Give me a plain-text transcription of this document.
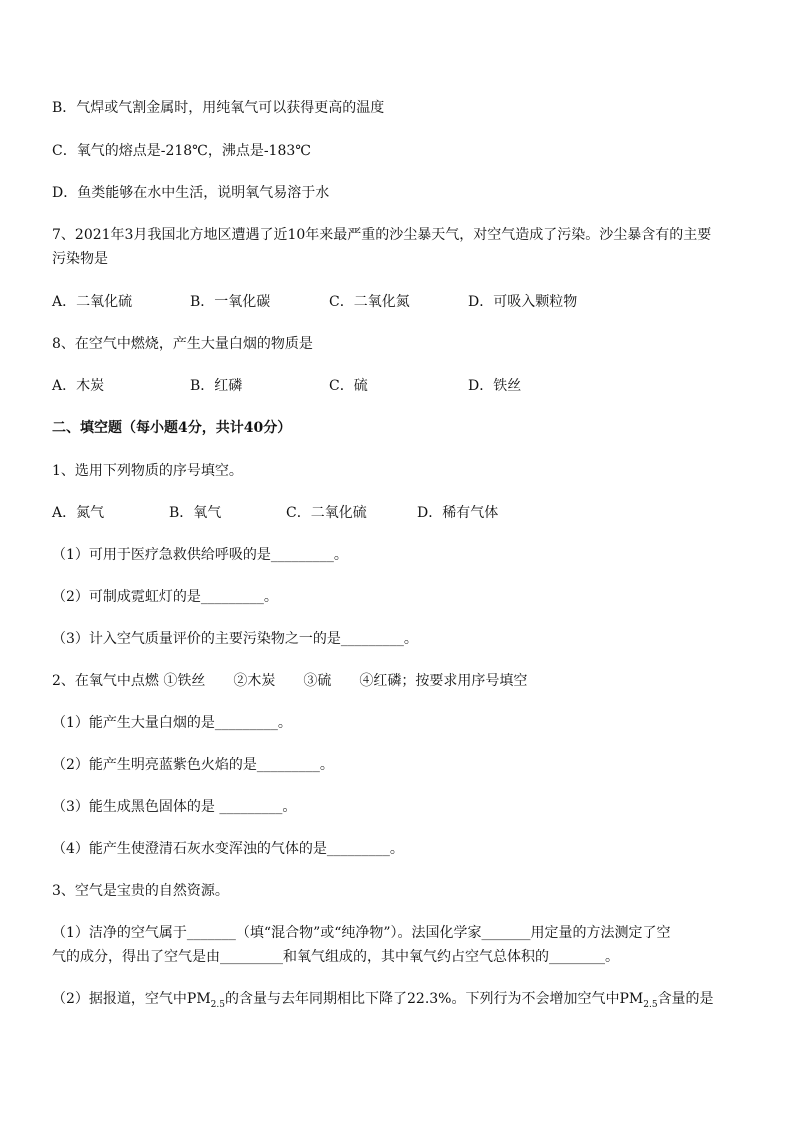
B．气焊或气割金属时，用纯氧气可以获得更高的温度
C．氧气的熔点是-218℃，沸点是-183℃
D．鱼类能够在水中生活，说明氧气易溶于水
7、2021年3月我国北方地区遭遇了近10年来最严重的沙尘暴天气，对空气造成了污染。沙尘暴含有的主要
污染物是
A．二氧化硫	B．一氧化碳	C．二氧化氮	D．可吸入颗粒物
8、在空气中燃烧，产生大量白烟的物质是
A．木炭	B．红磷	C．硫	D．铁丝
二、填空题（每小题4分，共计40分）
1、选用下列物质的序号填空。
A．氮气	B．氧气	C．二氧化硫	D．稀有气体
（1）可用于医疗急救供给呼吸的是_________。
（2）可制成霓虹灯的是_________。
（3）计入空气质量评价的主要污染物之一的是_________。
2、在氧气中点燃 ①铁丝　　②木炭　　③硫　　④红磷；按要求用序号填空
（1）能产生大量白烟的是_________。
（2）能产生明亮蓝紫色火焰的是_________。
（3）能生成黑色固体的是 _________。
（4）能产生使澄清石灰水变浑浊的气体的是_________。
3、空气是宝贵的自然资源。
（1）洁净的空气属于_______（填“混合物”或“纯净物”）。法国化学家_______用定量的方法测定了空
气的成分，得出了空气是由_________和氧气组成的，其中氧气约占空气总体积的________。
（2）据报道，空气中$PM_{2.5}$的含量与去年同期相比下降了22.3%。下列行为不会增加空气中$PM_{2.5}$含量的是
